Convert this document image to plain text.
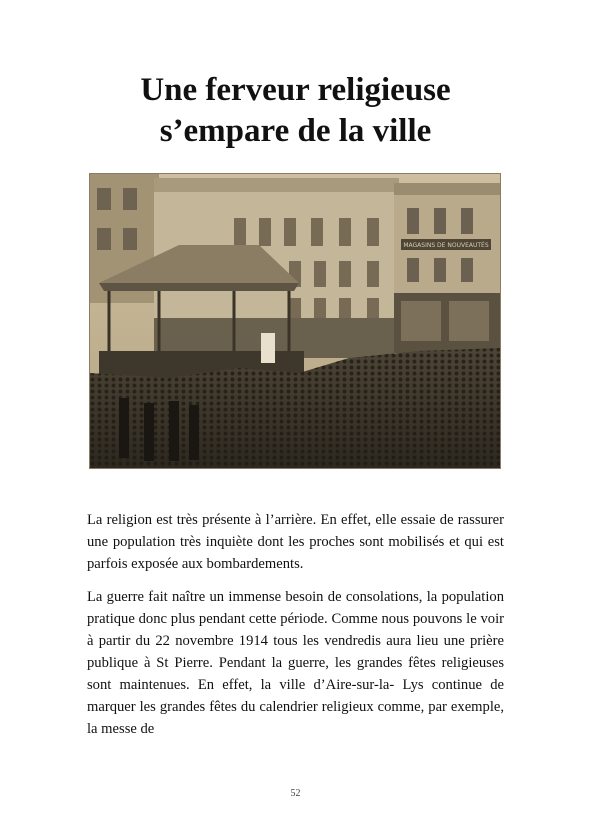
Une ferveur religieuse
s’empare de la ville
MAGASINS DE NOUVEAUTÉS

La religion est très présente à l’arrière. En effet, elle essaie de rassurer une population très inquiète dont les proches sont mobilisés et qui est parfois exposée aux bombardements.

La guerre fait naître un immense besoin de consolations, la population pratique donc plus pendant cette période. Comme nous pouvons le voir à partir du 22 novembre 1914 tous les vendredis aura lieu une prière publique à St Pierre. Pendant la guerre, les grandes fêtes religieuses sont maintenues. En effet, la ville d’Aire-sur-la- Lys continue de marquer les grandes fêtes du calendrier religieux comme, par exemple, la messe de

52
